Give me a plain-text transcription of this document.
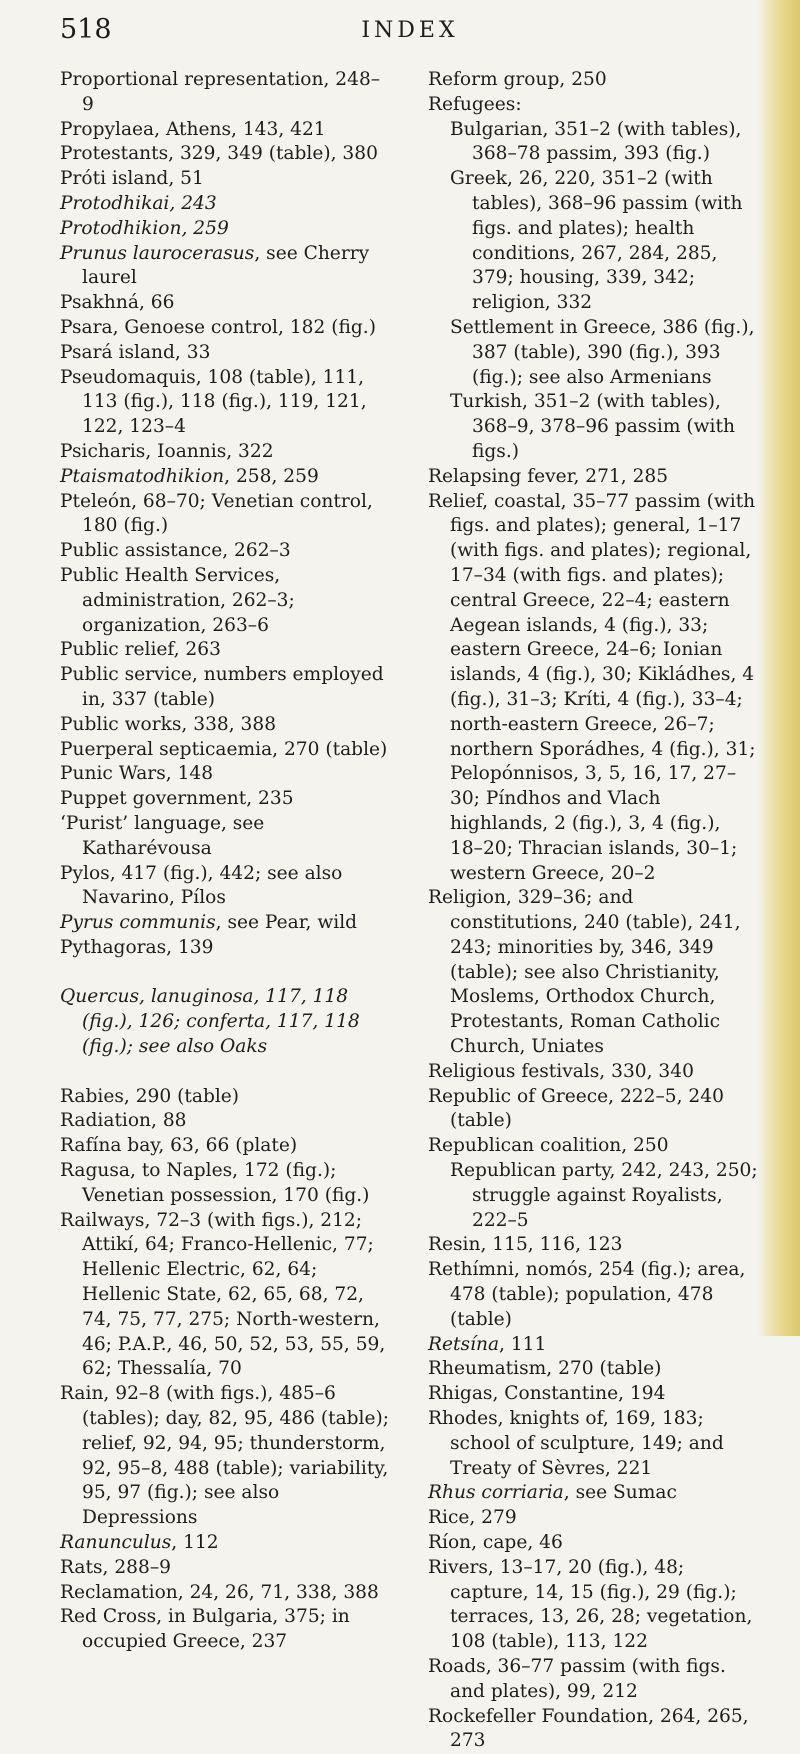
518	INDEX

Proportional representation, 248–9

Propylaea, Athens, 143, 421

Protestants, 329, 349 (table), 380

Próti island, 51

Protodhikai, 243

Protodhikion, 259

Prunus laurocerasus, see Cherry laurel

Psakhná, 66

Psara, Genoese control, 182 (fig.)

Psará island, 33

Pseudomaquis, 108 (table), 111, 113 (fig.), 118 (fig.), 119, 121, 122, 123–4

Psicharis, Ioannis, 322

Ptaismatodhikion, 258, 259

Pteleón, 68–70; Venetian control, 180 (fig.)

Public assistance, 262–3

Public Health Services, administration, 262–3; organization, 263–6

Public relief, 263

Public service, numbers employed in, 337 (table)

Public works, 338, 388

Puerperal septicaemia, 270 (table)

Punic Wars, 148

Puppet government, 235

‘Purist’ language, see Katharévousa

Pylos, 417 (fig.), 442; see also Navarino, Pílos

Pyrus communis, see Pear, wild

Pythagoras, 139

Quercus, lanuginosa, 117, 118 (fig.), 126; conferta, 117, 118 (fig.); see also Oaks

Rabies, 290 (table)

Radiation, 88

Rafína bay, 63, 66 (plate)

Ragusa, to Naples, 172 (fig.); Venetian possession, 170 (fig.)

Railways, 72–3 (with figs.), 212; Attikí, 64; Franco-Hellenic, 77; Hellenic Electric, 62, 64; Hellenic State, 62, 65, 68, 72, 74, 75, 77, 275; North-western, 46; P.A.P., 46, 50, 52, 53, 55, 59, 62; Thessalía, 70

Rain, 92–8 (with figs.), 485–6 (tables); day, 82, 95, 486 (table); relief, 92, 94, 95; thunderstorm, 92, 95–8, 488 (table); variability, 95, 97 (fig.); see also Depressions

Ranunculus, 112

Rats, 288–9

Reclamation, 24, 26, 71, 338, 388

Red Cross, in Bulgaria, 375; in occupied Greece, 237

Reform group, 250

Refugees:

Bulgarian, 351–2 (with tables), 368–78 passim, 393 (fig.)

Greek, 26, 220, 351–2 (with tables), 368–96 passim (with figs. and plates); health conditions, 267, 284, 285, 379; housing, 339, 342; religion, 332

Settlement in Greece, 386 (fig.), 387 (table), 390 (fig.), 393 (fig.); see also Armenians

Turkish, 351–2 (with tables), 368–9, 378–96 passim (with figs.)

Relapsing fever, 271, 285

Relief, coastal, 35–77 passim (with figs. and plates); general, 1–17 (with figs. and plates); regional, 17–34 (with figs. and plates); central Greece, 22–4; eastern Aegean islands, 4 (fig.), 33; eastern Greece, 24–6; Ionian islands, 4 (fig.), 30; Kikládhes, 4 (fig.), 31–3; Kríti, 4 (fig.), 33–4; north-eastern Greece, 26–7; northern Sporádhes, 4 (fig.), 31; Pelopónnisos, 3, 5, 16, 17, 27–30; Píndhos and Vlach highlands, 2 (fig.), 3, 4 (fig.), 18–20; Thracian islands, 30–1; western Greece, 20–2

Religion, 329–36; and constitutions, 240 (table), 241, 243; minorities by, 346, 349 (table); see also Christianity, Moslems, Orthodox Church, Protestants, Roman Catholic Church, Uniates

Religious festivals, 330, 340

Republic of Greece, 222–5, 240 (table)

Republican coalition, 250

Republican party, 242, 243, 250; struggle against Royalists, 222–5

Resin, 115, 116, 123

Rethímni, nomós, 254 (fig.); area, 478 (table); population, 478 (table)

Retsína, 111

Rheumatism, 270 (table)

Rhigas, Constantine, 194

Rhodes, knights of, 169, 183; school of sculpture, 149; and Treaty of Sèvres, 221

Rhus corriaria, see Sumac

Rice, 279

Ríon, cape, 46

Rivers, 13–17, 20 (fig.), 48; capture, 14, 15 (fig.), 29 (fig.); terraces, 13, 26, 28; vegetation, 108 (table), 113, 122

Roads, 36–77 passim (with figs. and plates), 99, 212

Rockefeller Foundation, 264, 265, 273
